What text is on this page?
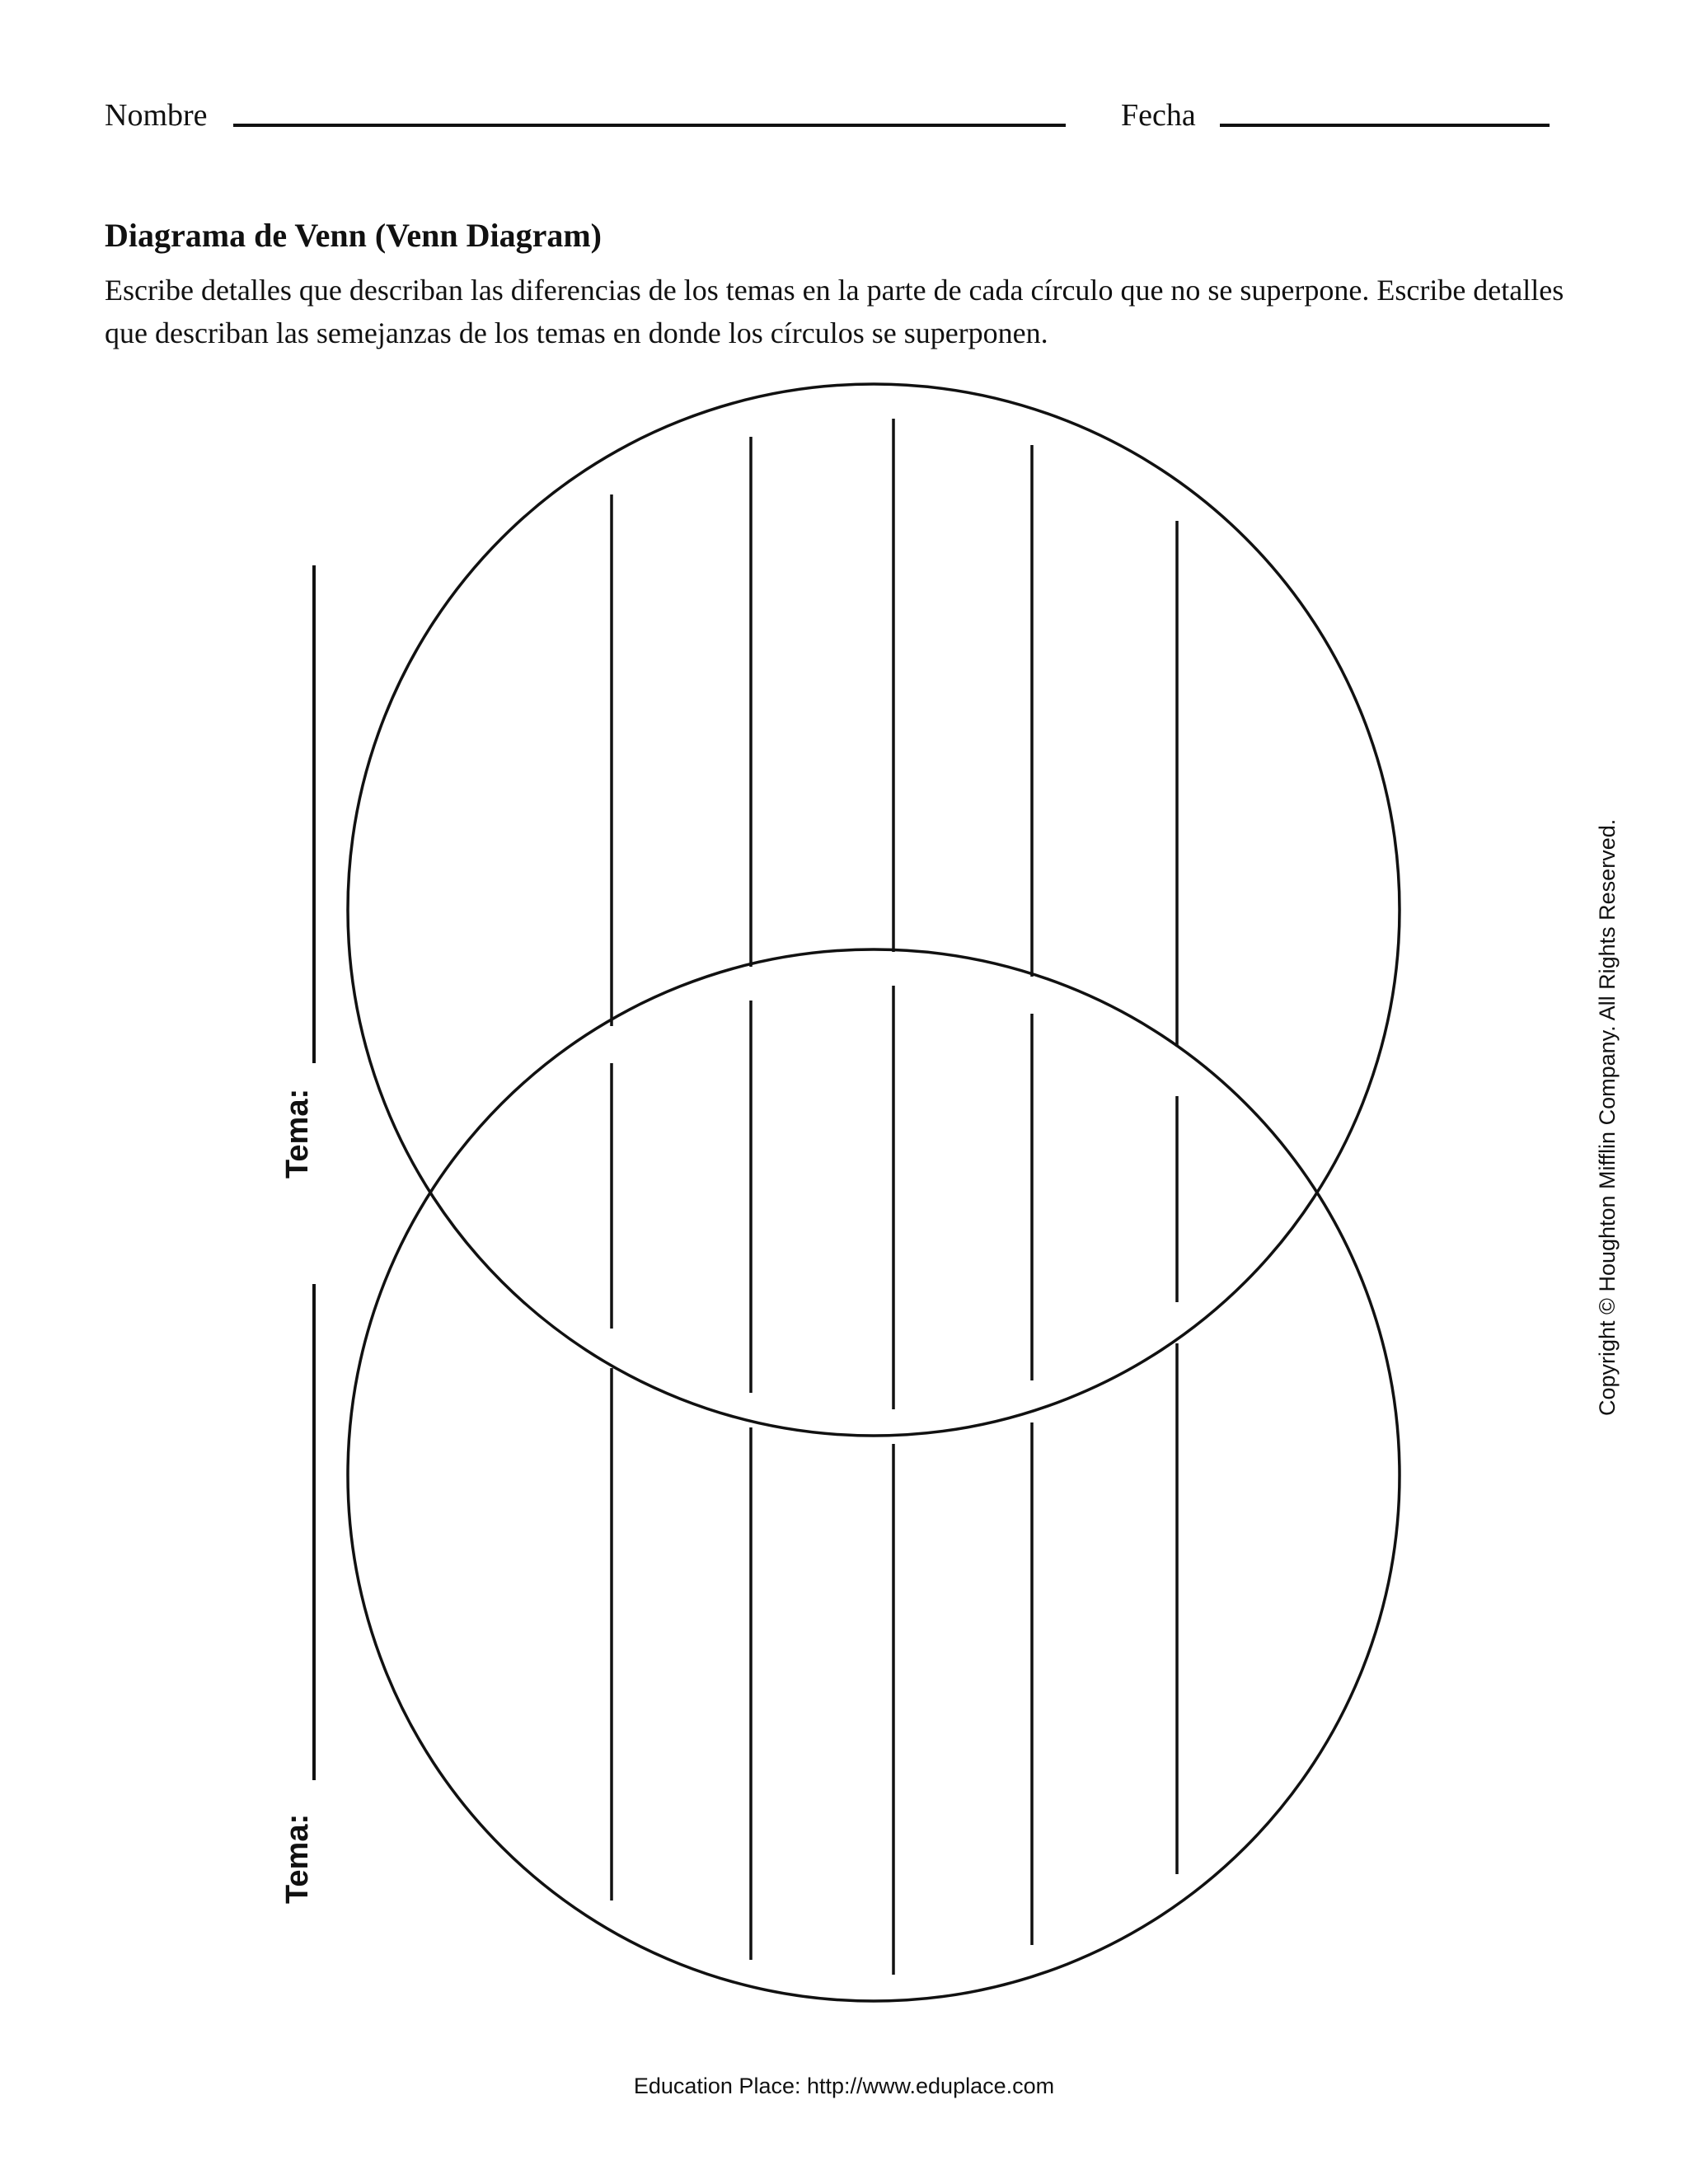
Nombre	Fecha
Diagrama de Venn (Venn Diagram)
Escribe detalles que describan las diferencias de los temas en la parte de cada círculo que no se superpone. Escribe detalles que describan las semejanzas de los temas en donde los círculos se superponen.
Tema:
Tema:
Copyright © Houghton Mifflin Company. All Rights Reserved.
Education Place: http://www.eduplace.com
